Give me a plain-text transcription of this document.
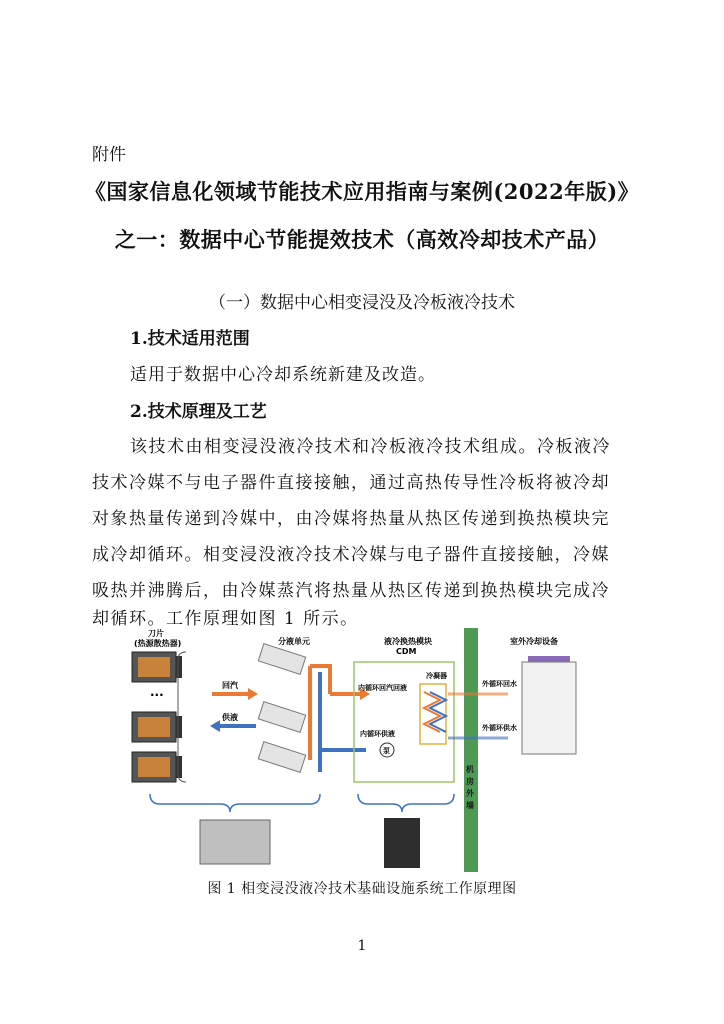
附件
《国家信息化领域节能技术应用指南与案例(2022年版)》
之一：数据中心节能提效技术（高效冷却技术产品）
（一）数据中心相变浸没及冷板液冷技术
1.技术适用范围
适用于数据中心冷却系统新建及改造。
2.技术原理及工艺
该技术由相变浸没液冷技术和冷板液冷技术组成。冷板液冷
技术冷媒不与电子器件直接接触，通过高热传导性冷板将被冷却
对象热量传递到冷媒中，由冷媒将热量从热区传递到换热模块完
成冷却循环。相变浸没液冷技术冷媒与电子器件直接接触，冷媒
吸热并沸腾后，由冷媒蒸汽将热量从热区传递到换热模块完成冷
却循环。工作原理如图 1 所示。
刀片
(热源散热器)
...	回汽
供液
分液单元	液冷换热模块
CDM
内循环回汽回液
冷凝器
内循环供液
泵
机
房
外
墙
室外冷却设备
外循环回水
外循环供水
图 1 相变浸没液冷技术基础设施系统工作原理图
1
